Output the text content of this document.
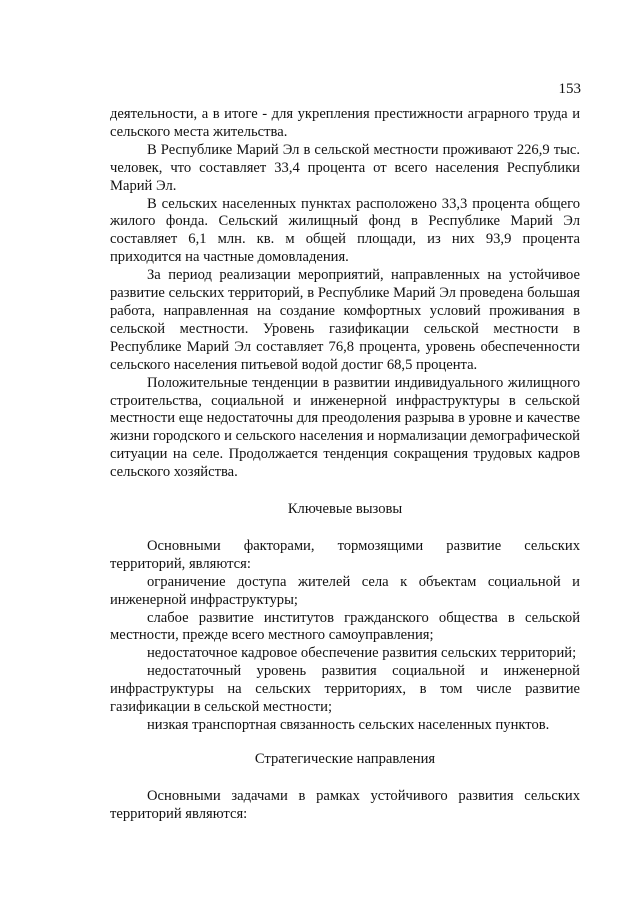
153

деятельности, а в итоге - для укрепления престижности аграрного труда и сельского места жительства.

В Республике Марий Эл в сельской местности проживают 226,9 тыс. человек, что составляет 33,4 процента от всего населения Республики Марий Эл.

В сельских населенных пунктах расположено 33,3 процента общего жилого фонда. Сельский жилищный фонд в Республике Марий Эл составляет 6,1 млн. кв. м общей площади, из них 93,9 процента приходится на частные домовладения.

За период реализации мероприятий, направленных на устойчивое развитие сельских территорий, в Республике Марий Эл проведена большая работа, направленная на создание комфортных условий проживания в сельской местности. Уровень газификации сельской местности в Республике Марий Эл составляет 76,8 процента, уровень обеспеченности сельского населения питьевой водой достиг 68,5 процента.

Положительные тенденции в развитии индивидуального жилищного строительства, социальной и инженерной инфраструктуры в сельской местности еще недостаточны для преодоления разрыва в уровне и качестве жизни городского и сельского населения и нормализации демографической ситуации на селе. Продолжается тенденция сокращения трудовых кадров сельского хозяйства.

Ключевые вызовы

Основными факторами, тормозящими развитие сельских территорий, являются:

ограничение доступа жителей села к объектам социальной и инженерной инфраструктуры;

слабое развитие институтов гражданского общества в сельской местности, прежде всего местного самоуправления;

недостаточное кадровое обеспечение развития сельских территорий;

недостаточный уровень развития социальной и инженерной инфраструктуры на сельских территориях, в том числе развитие газификации в сельской местности;

низкая транспортная связанность сельских населенных пунктов.

Стратегические направления

Основными задачами в рамках устойчивого развития сельских территорий являются:
